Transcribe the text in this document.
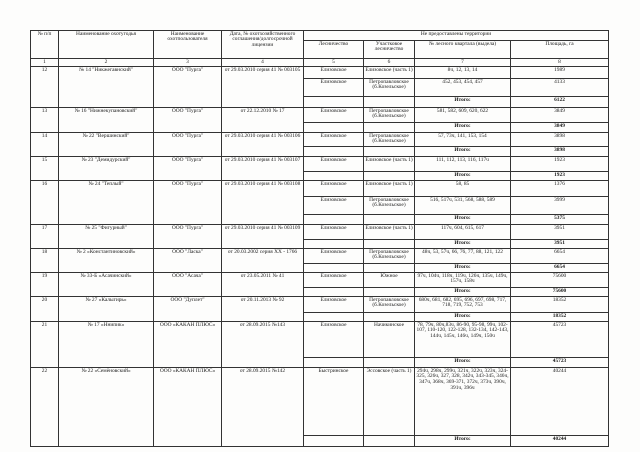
№ п/п	Наименование охотугодья	Наименование охотпользователя	Дата, № охотхозяйственного соглашения/долгосрочной лицензии	Не предоставлены территории			
				Лесничество	Участковое лесничество	№ лесного квартала (выдела)	Площадь, га
1	2	3	4	5	6	7	8
12	№ 14 "Никжегавнский"	ООО "Пурга"	от 29.03.2010 серия 41 № 003105	Елизовское	Елизовское (часть 1)	8ч, 12, 13, 14	1989
				Елизовское	Петропавловское (б.Козельское)	452, 453, 454, 457	4133
						Итого:	6122
13	№ 16 "Нижнекупановский"	ООО "Пурга"	от 22.12.2010 № 17	Елизовское	Петропавловское (б.Козельское)	581, 582, 609, 620, 622	3849
						Итого:	3849
14	№ 22 "Вершинский"	ООО "Пурга"	от 29.03.2010 серия 41 № 003106	Елизовское	Петропавловское (б.Козельское)	57, 73ч, 141, 153, 154	3898
						Итого:	3898
15	№ 23 "Демидурский"	ООО "Пурга"	от 29.03.2010 серия 41 № 003107	Елизовское	Елизовское (часть 1)	111, 112, 113, 116, 117ч	1923
						Итого:	1923
16	№ 24 "Теплый"	ООО "Пурга"	от 29.03.2010 серия 41 № 003108	Елизовское	Елизовское (часть 1)	58, 85	1376
				Елизовское	Петропавловское (б.Козельское)	516, 517ч, 531, 568, 588, 589	3999
						Итого:	5375
17	№ 25 "Фигурный"	ООО "Пурга"	от 29.03.2010 серия 41 № 003109	Елизовское	Елизовское (часть 1)	117ч, 604, 615, 617	3951
						Итого:	3951
18	№ 2 «Константиновский»	ООО "Ласка"	от 20.03.2002 серия ХХ - 1766	Елизовское	Петропавловское (б.Козельское)	48ч, 53, 57ч, 66, 76, 77, 88, 121, 122	6654
						Итого:	6654
19	№ 33-Б «Асачинский»	ООО "Асача"	от 23.05.2011 № 41	Елизовское	Южное	97ч, 104ч, 118ч, 119ч, 126ч, 135ч, 149ч, 157ч, 158ч	75600
						Итого:	75600
20	№ 27 «Калыгирь»	ООО "Дуплет"	от 20.11.2013 № 92	Елизовское	Петропавловское (б.Козельское)	680ч, 681, 682, 695, 696, 697, 698, 717, 718, 719, 752, 753	18352
						Итого:	18352
21	№ 17 «Ннипик»	ООО «КАКАН ПЛЮС»	от 28.09.2015 №143	Елизовское	Начикинское	78, 79ч, 80ч,83ч, 86-90, 95-98, 99ч, 102-107, 110-120, 122-128, 132-134, 142-143, 144ч, 145ч, 146ч, 149ч, 150ч	45723
						Итого:	45723
22	№ 22 «Семёновский»	ООО «КАКАН ПЛЮС»	от 28.09.2015 №142	Быстринское	Эссовское (часть 1)	294ч, 298ч, 299ч, 321ч, 322ч, 323ч, 324-325, 326ч, 327, 328, 342ч, 343-345, 346ч, 347ч, 368ч, 369-371, 372ч, 373ч, 390ч, 391ч, 396ч	40244
						Итого:	40244
